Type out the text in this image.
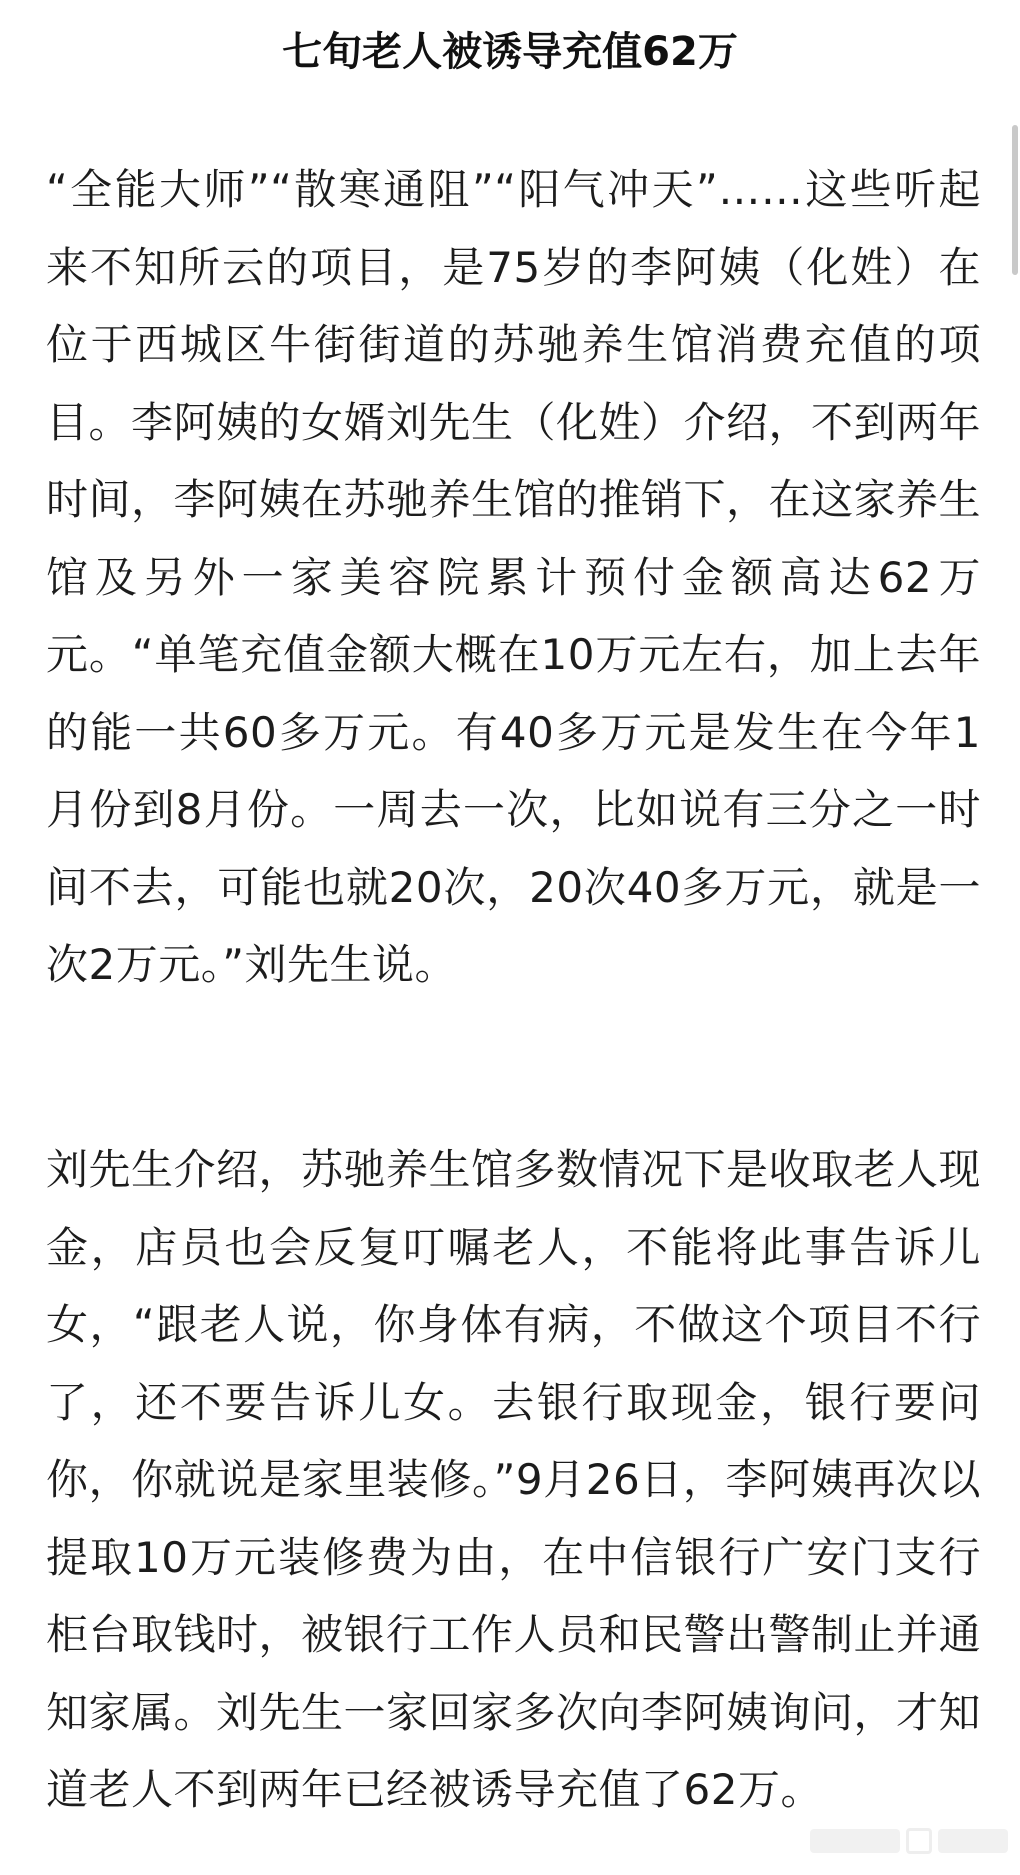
七旬老人被诱导充值62万

“全能大师”“散寒通阻”“阳气冲天”……这些听起来不知所云的项目，是75岁的李阿姨（化姓）在位于西城区牛街街道的苏驰养生馆消费充值的项目。李阿姨的女婿刘先生（化姓）介绍，不到两年时间，李阿姨在苏驰养生馆的推销下，在这家养生馆及另外一家美容院累计预付金额高达62万元。“单笔充值金额大概在10万元左右，加上去年的能一共60多万元。有40多万元是发生在今年1月份到8月份。一周去一次，比如说有三分之一时间不去，可能也就20次，20次40多万元，就是一次2万元。”刘先生说。

刘先生介绍，苏驰养生馆多数情况下是收取老人现金，店员也会反复叮嘱老人，不能将此事告诉儿女，“跟老人说，你身体有病，不做这个项目不行了，还不要告诉儿女。去银行取现金，银行要问你，你就说是家里装修。”9月26日，李阿姨再次以提取10万元装修费为由，在中信银行广安门支行柜台取钱时，被银行工作人员和民警出警制止并通知家属。刘先生一家回家多次向李阿姨询问，才知道老人不到两年已经被诱导充值了62万。
